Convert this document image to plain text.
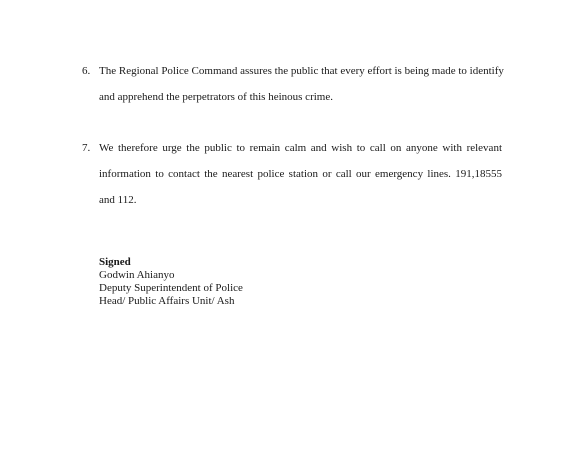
6. The Regional Police Command assures the public that every effort is being made to identify
and apprehend the perpetrators of this heinous crime.
7. We therefore urge the public to remain calm and wish to call on anyone with relevant
information to contact the nearest police station or call our emergency lines. 191,18555
and 112.
Signed
Godwin Ahianyo
Deputy Superintendent of Police
Head/ Public Affairs Unit/ Ash
